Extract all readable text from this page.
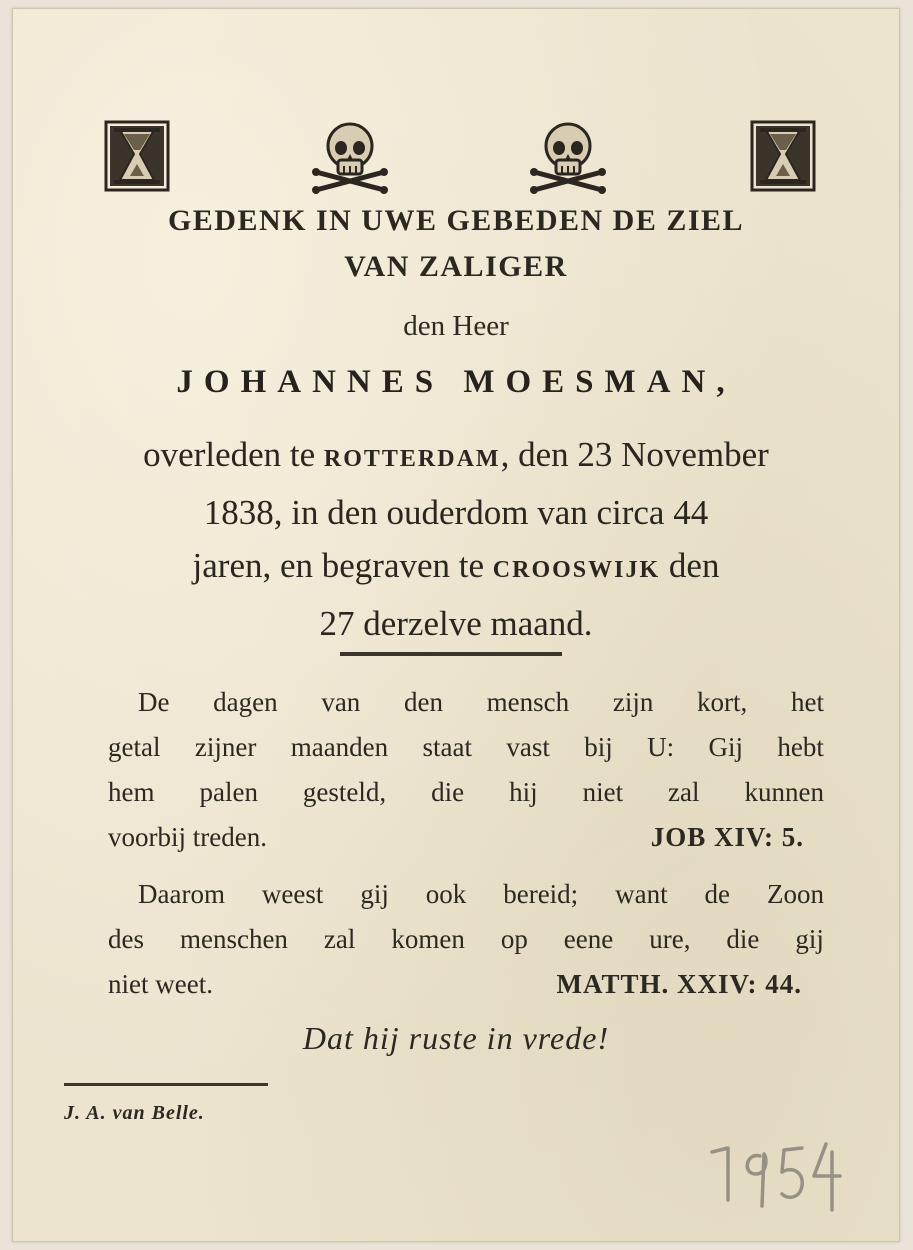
GEDENK IN UWE GEBEDEN DE ZIEL
VAN ZALIGER
den Heer
JOHANNES MOESMAN,
overleden te ROTTERDAM, den 23 November
1838, in den ouderdom van circa 44
jaren, en begraven te CROOSWIJK den
27 derzelve maand.
De dagen van den mensch zijn kort, het
getal zijner maanden staat vast bij U: Gij hebt
hem palen gesteld, die hij niet zal kunnen
voorbij treden.	JOB XIV: 5.
Daarom weest gij ook bereid; want de Zoon
des menschen zal komen op eene ure, die gij
niet weet.	MATTH. XXIV: 44.
Dat hij ruste in vrede!
J. A. van Belle.
